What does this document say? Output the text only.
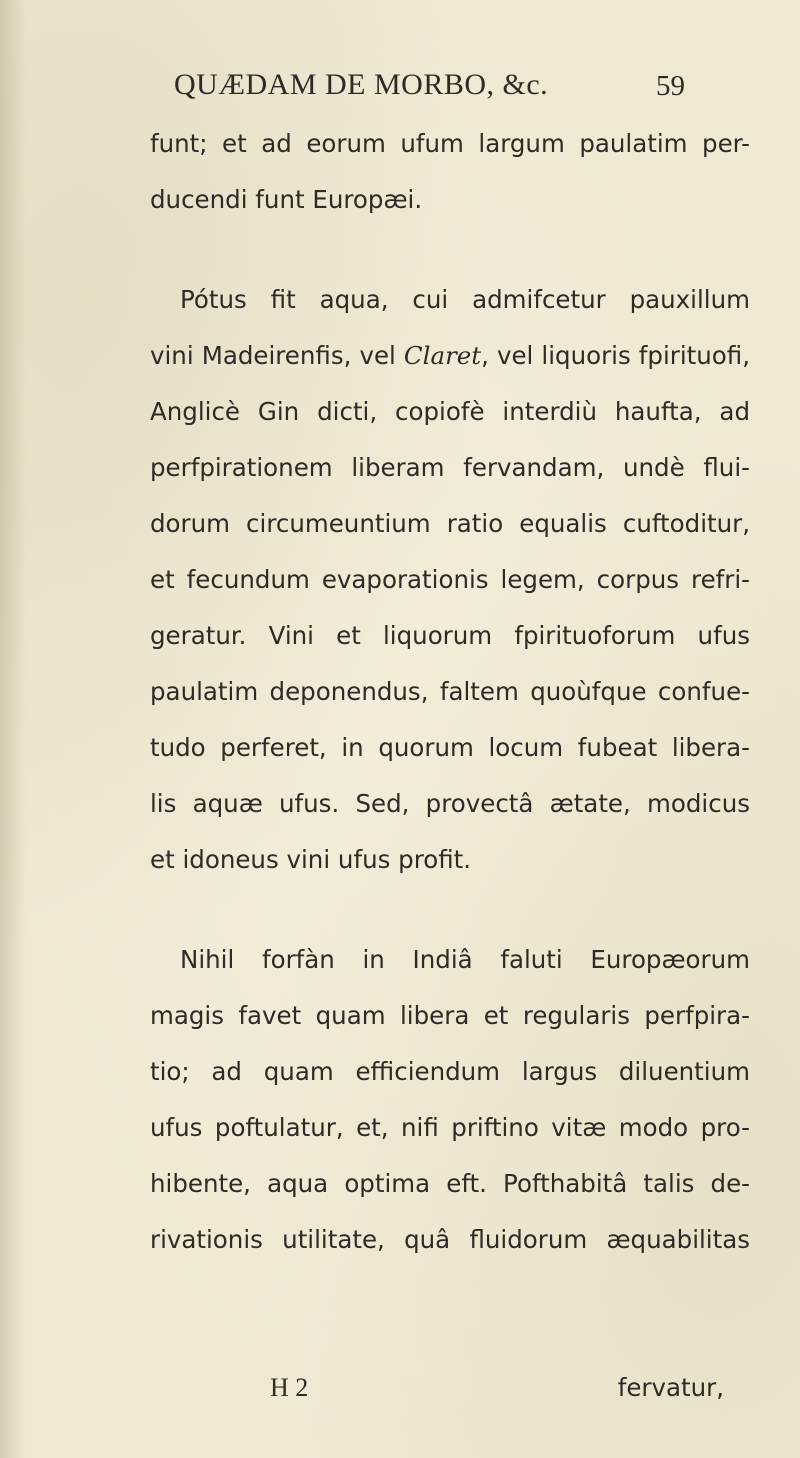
QUÆDAM DE MORBO, &c.	59
funt; et ad eorum ufum largum paulatim per-
ducendi funt Europæi.
Pótus fit aqua, cui admifcetur pauxillum
vini Madeirenfis, vel Claret, vel liquoris fpirituofi,
Anglicè Gin dicti, copiofè interdiù haufta, ad
perfpirationem liberam fervandam, undè flui-
dorum circumeuntium ratio equalis cuftoditur,
et fecundum evaporationis legem, corpus refri-
geratur. Vini et liquorum fpirituoforum ufus
paulatim deponendus, faltem quoùfque confue-
tudo perferet, in quorum locum fubeat libera-
lis aquæ ufus. Sed, provectâ ætate, modicus
et idoneus vini ufus profit.
Nihil forfàn in Indiâ faluti Europæorum
magis favet quam libera et regularis perfpira-
tio; ad quam efficiendum largus diluentium
ufus poftulatur, et, nifi priftino vitæ modo pro-
hibente, aqua optima eft. Pofthabitâ talis de-
rivationis utilitate, quâ fluidorum æquabilitas
H 2	fervatur,
